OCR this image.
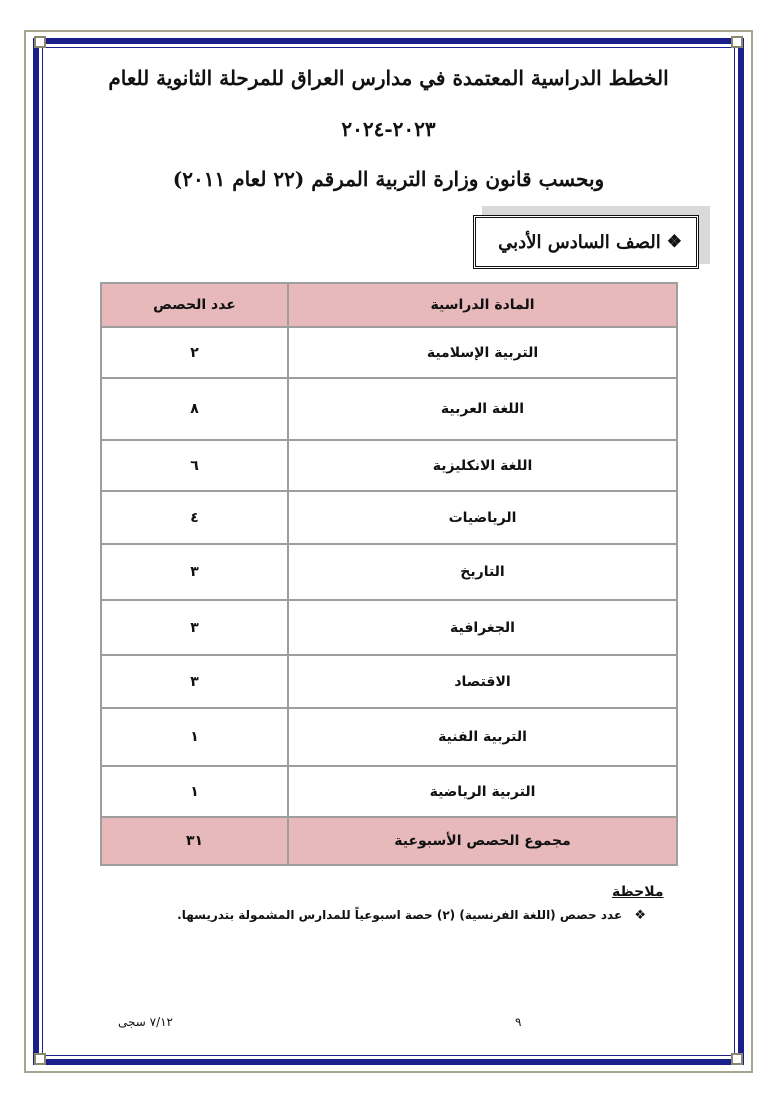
الخطط الدراسية المعتمدة في مدارس العراق للمرحلة الثانوية للعام
٢٠٢٣-٢٠٢٤
وبحسب قانون وزارة التربية المرقم (٢٢ لعام ٢٠١١)
❖
الصف السادس الأدبي
المادة الدراسية	عدد الحصص
التربية الإسلامية	٢
اللغة العربية	٨
اللغة الانكليزية	٦
الرياضيات	٤
التاريخ	٣
الجغرافية	٣
الاقتصاد	٣
التربية الفنية	١
التربية الرياضية	١
مجموع الحصص الأسبوعية	٣١
ملاحظة
❖ عدد حصص (اللغة الفرنسية) (٢) حصة اسبوعياً للمدارس المشمولة بتدريسها.
٩
٧/١٢ سجى
